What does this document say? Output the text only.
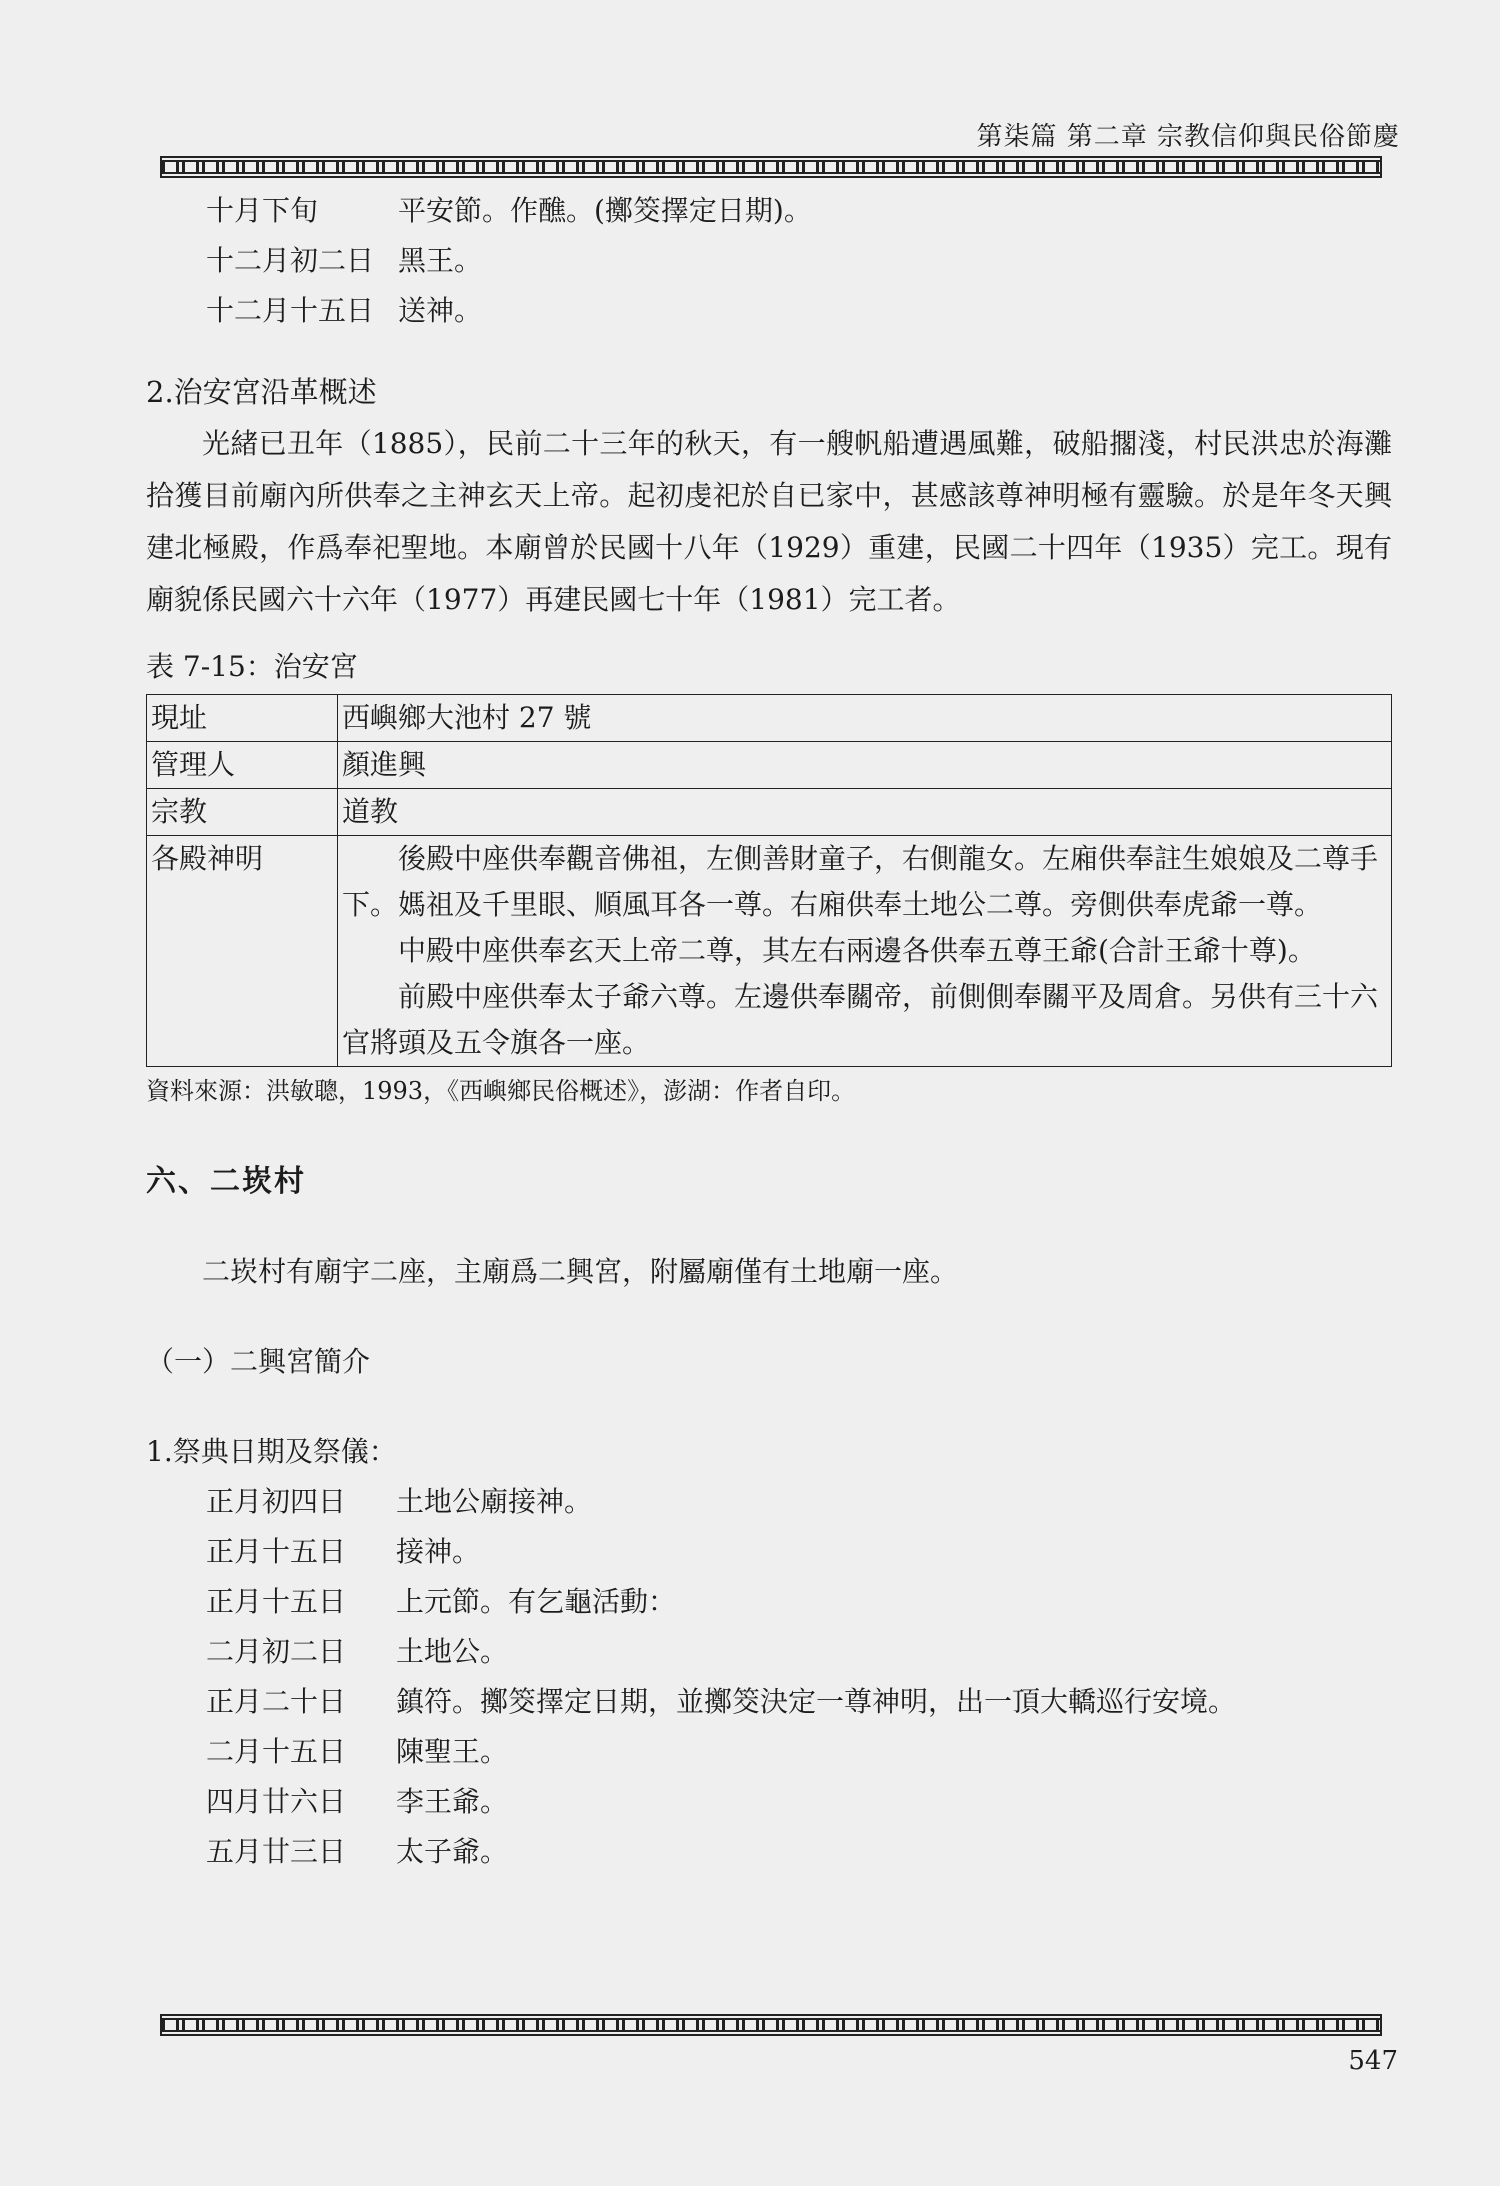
第柒篇 第二章 宗教信仰與民俗節慶
十月下旬	平安節。作醮。(擲筊擇定日期)。
十二月初二日 黑王。
十二月十五日 送神。
2.治安宮沿革概述

光緒已丑年（1885），民前二十三年的秋天，有一艘帆船遭遇風難，破船擱淺，村民洪忠於海灘拾獲目前廟內所供奉之主神玄天上帝。起初虔祀於自已家中，甚感該尊神明極有靈驗。於是年冬天興建北極殿，作爲奉祀聖地。本廟曾於民國十八年（1929）重建，民國二十四年（1935）完工。現有廟貌係民國六十六年（1977）再建民國七十年（1981）完工者。

表 7-15：治安宮
現址	西嶼鄉大池村 27 號
管理人	顏進興
宗教	道教
各殿神明	後殿中座供奉觀音佛祖，左側善財童子，右側龍女。左廂供奉註生娘娘及二尊手下。媽祖及千里眼、順風耳各一尊。右廂供奉土地公二尊。旁側供奉虎爺一尊。

中殿中座供奉玄天上帝二尊，其左右兩邊各供奉五尊王爺(合計王爺十尊)。

前殿中座供奉太子爺六尊。左邊供奉關帝，前側側奉關平及周倉。另供有三十六官將頭及五令旗各一座。

資料來源：洪敏聰，1993，《西嶼鄉民俗概述》，澎湖：作者自印。
六、二崁村
二崁村有廟宇二座，主廟爲二興宮，附屬廟僅有土地廟一座。
（一）二興宮簡介
1.祭典日期及祭儀：
正月初四日	土地公廟接神。
正月十五日	接神。
正月十五日	上元節。有乞龜活動：
二月初二日	土地公。
正月二十日	鎮符。擲筊擇定日期，並擲筊決定一尊神明，出一頂大轎巡行安境。
二月十五日	陳聖王。
四月廿六日	李王爺。
五月廿三日	太子爺。
547
